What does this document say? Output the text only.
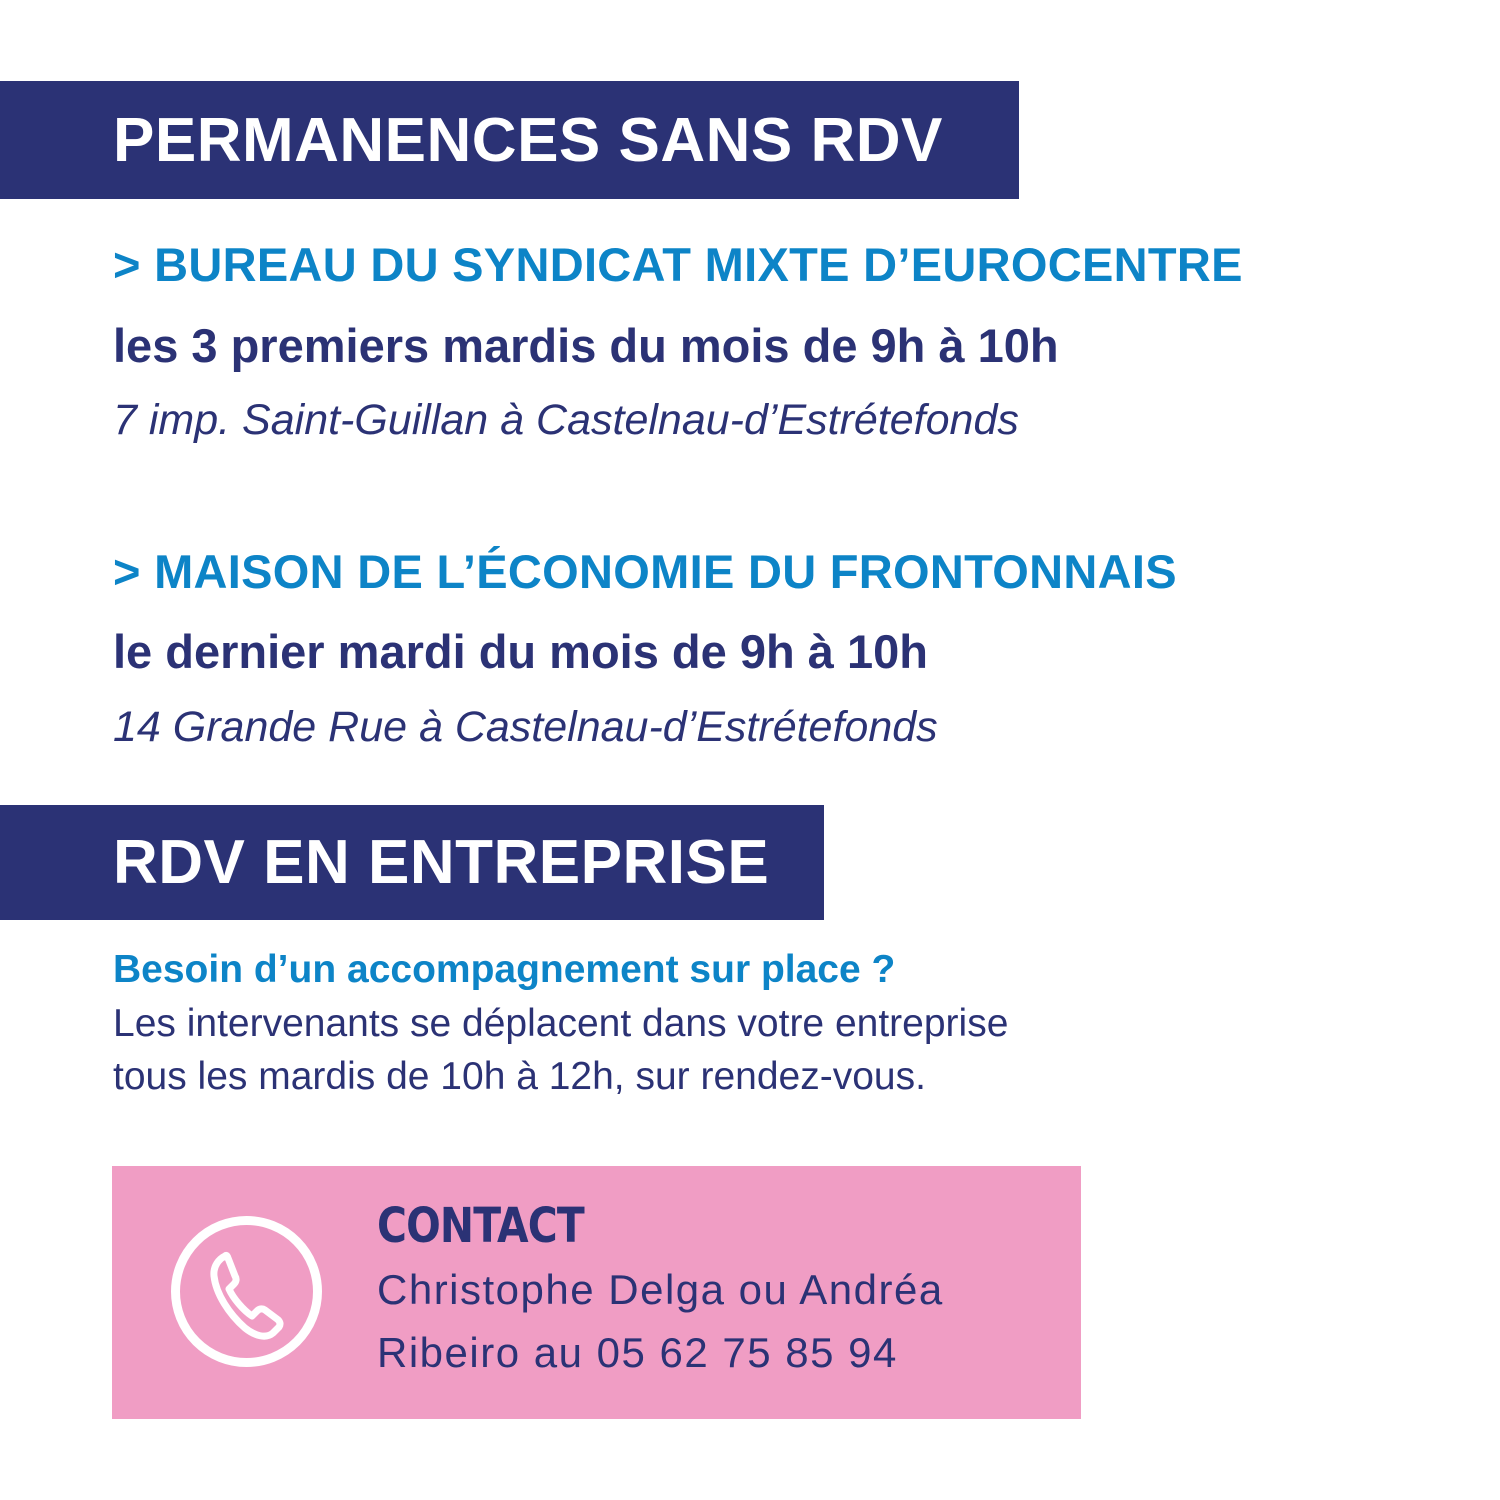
PERMANENCES SANS RDV
> BUREAU DU SYNDICAT MIXTE D’EUROCENTRE
les 3 premiers mardis du mois de 9h à 10h
7 imp. Saint-Guillan à Castelnau-d’Estrétefonds
> MAISON DE L’ÉCONOMIE DU FRONTONNAIS
le dernier mardi du mois de 9h à 10h
14 Grande Rue à Castelnau-d’Estrétefonds
RDV EN ENTREPRISE
Besoin d’un accompagnement sur place ?
Les intervenants se déplacent dans votre entreprise
tous les mardis de 10h à 12h, sur rendez-vous.
CONTACT
Christophe Delga ou Andréa
Ribeiro au 05 62 75 85 94
